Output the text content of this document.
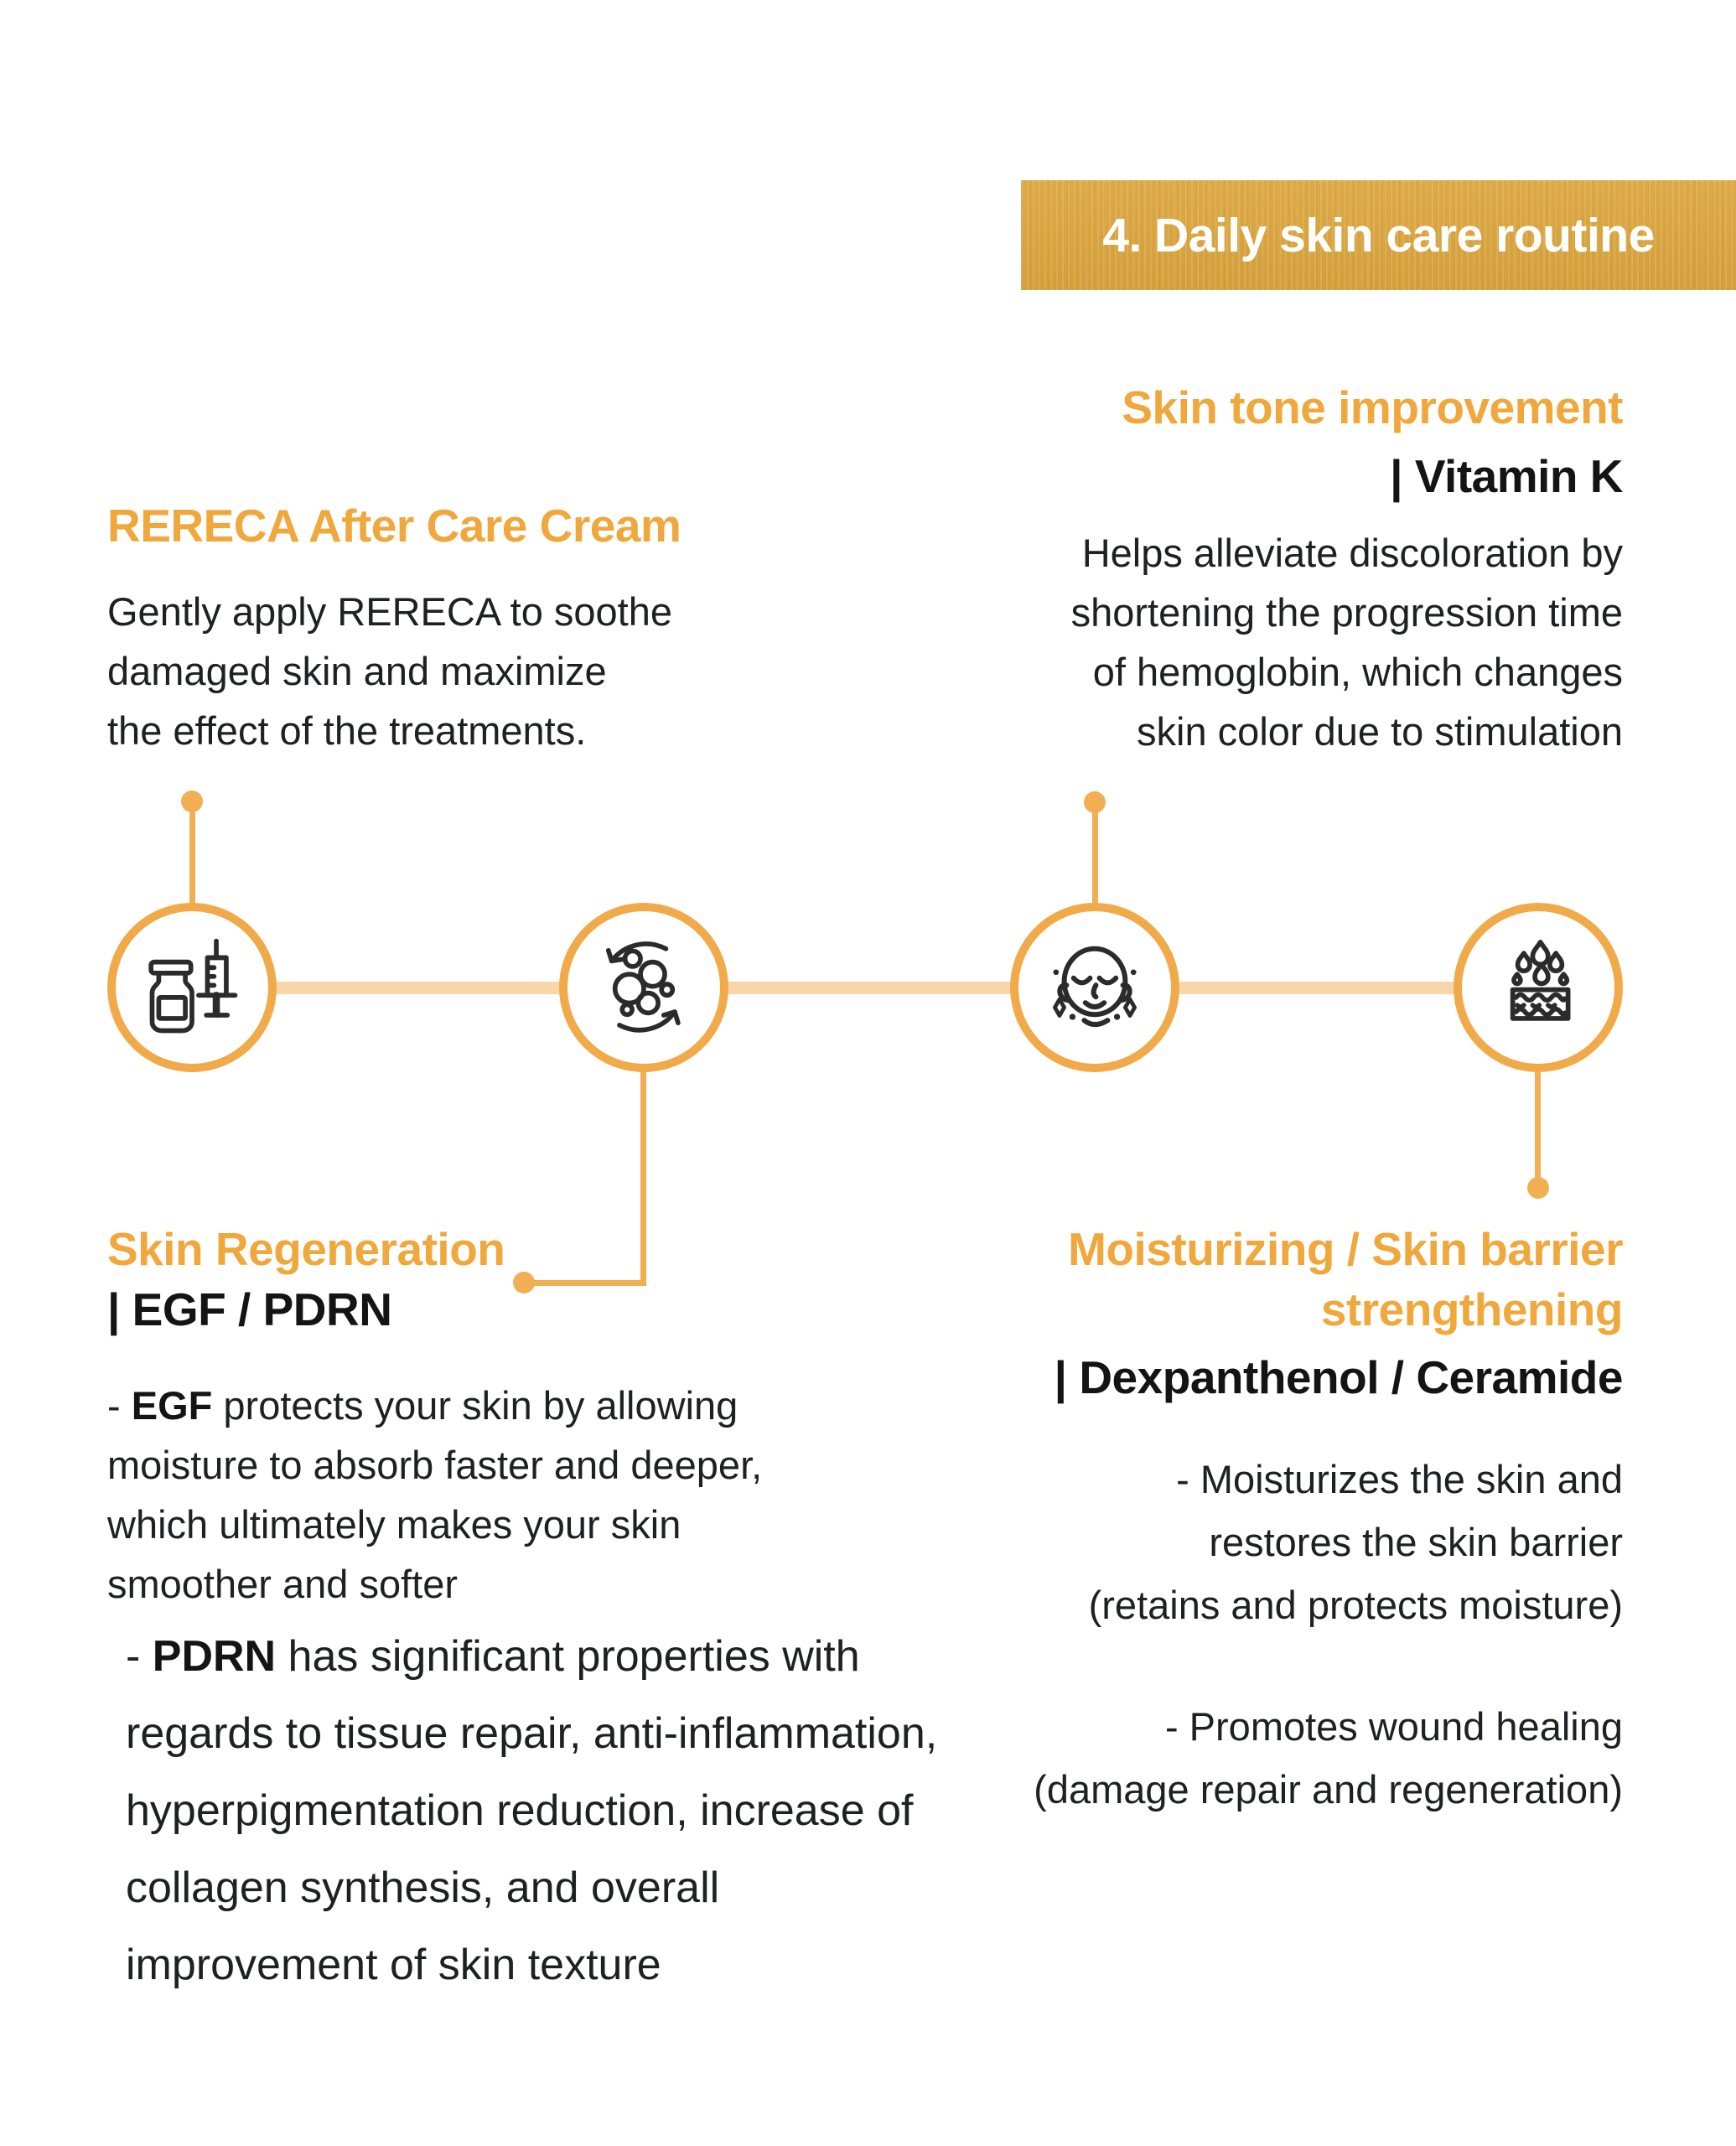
4. Daily skin care routine
RERECA After Care Cream
Gently apply RERECA to soothe
damaged skin and maximize
the effect of the treatments.
Skin tone improvement
| Vitamin K
Helps alleviate discoloration by
shortening the progression time
of hemoglobin, which changes
skin color due to stimulation
Skin Regeneration
| EGF / PDRN
- EGF protects your skin by allowing
moisture to absorb faster and deeper,
which ultimately makes your skin
smoother and softer
- PDRN has significant properties with
regards to tissue repair, anti-inflammation,
hyperpigmentation reduction, increase of
collagen synthesis, and overall
improvement of skin texture
Moisturizing / Skin barrier
strengthening
| Dexpanthenol / Ceramide
- Moisturizes the skin and
restores the skin barrier
(retains and protects moisture)
- Promotes wound healing
(damage repair and regeneration)
